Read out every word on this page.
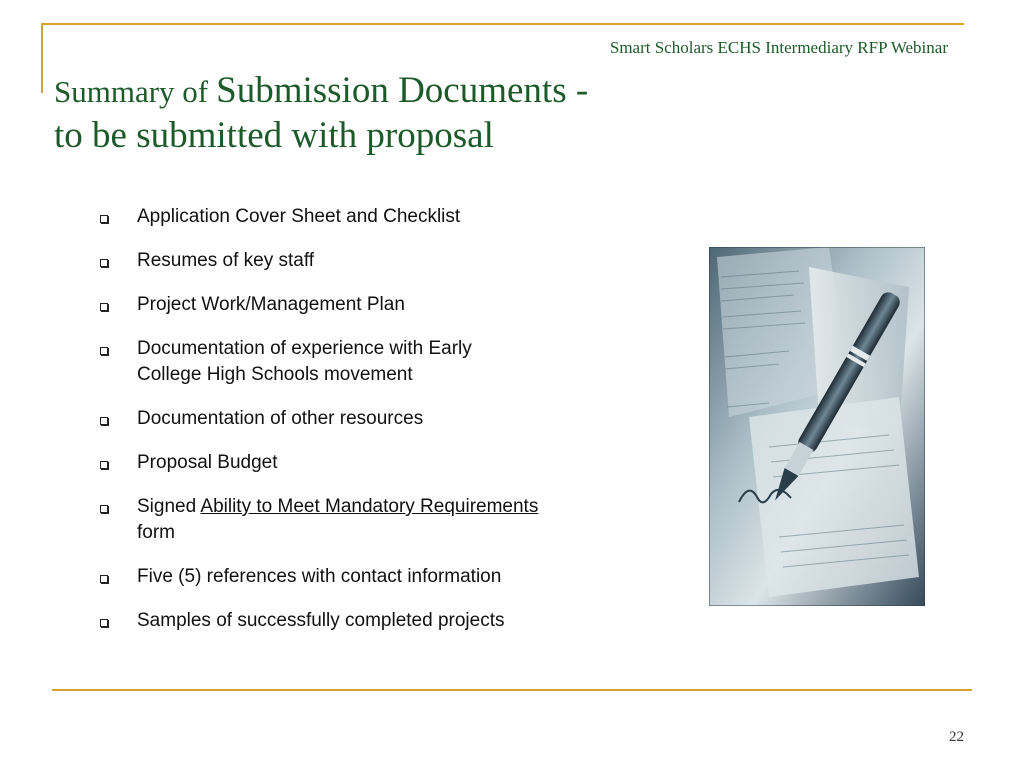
Smart Scholars ECHS Intermediary RFP Webinar
Summary of Submission Documents -
to be submitted with proposal
Application Cover Sheet and Checklist
Resumes of key staff
Project Work/Management Plan
Documentation of experience with Early
College High Schools movement
Documentation of other resources
Proposal Budget
Signed Ability to Meet Mandatory Requirements
form
Five (5) references with contact information
Samples of successfully completed projects
22
